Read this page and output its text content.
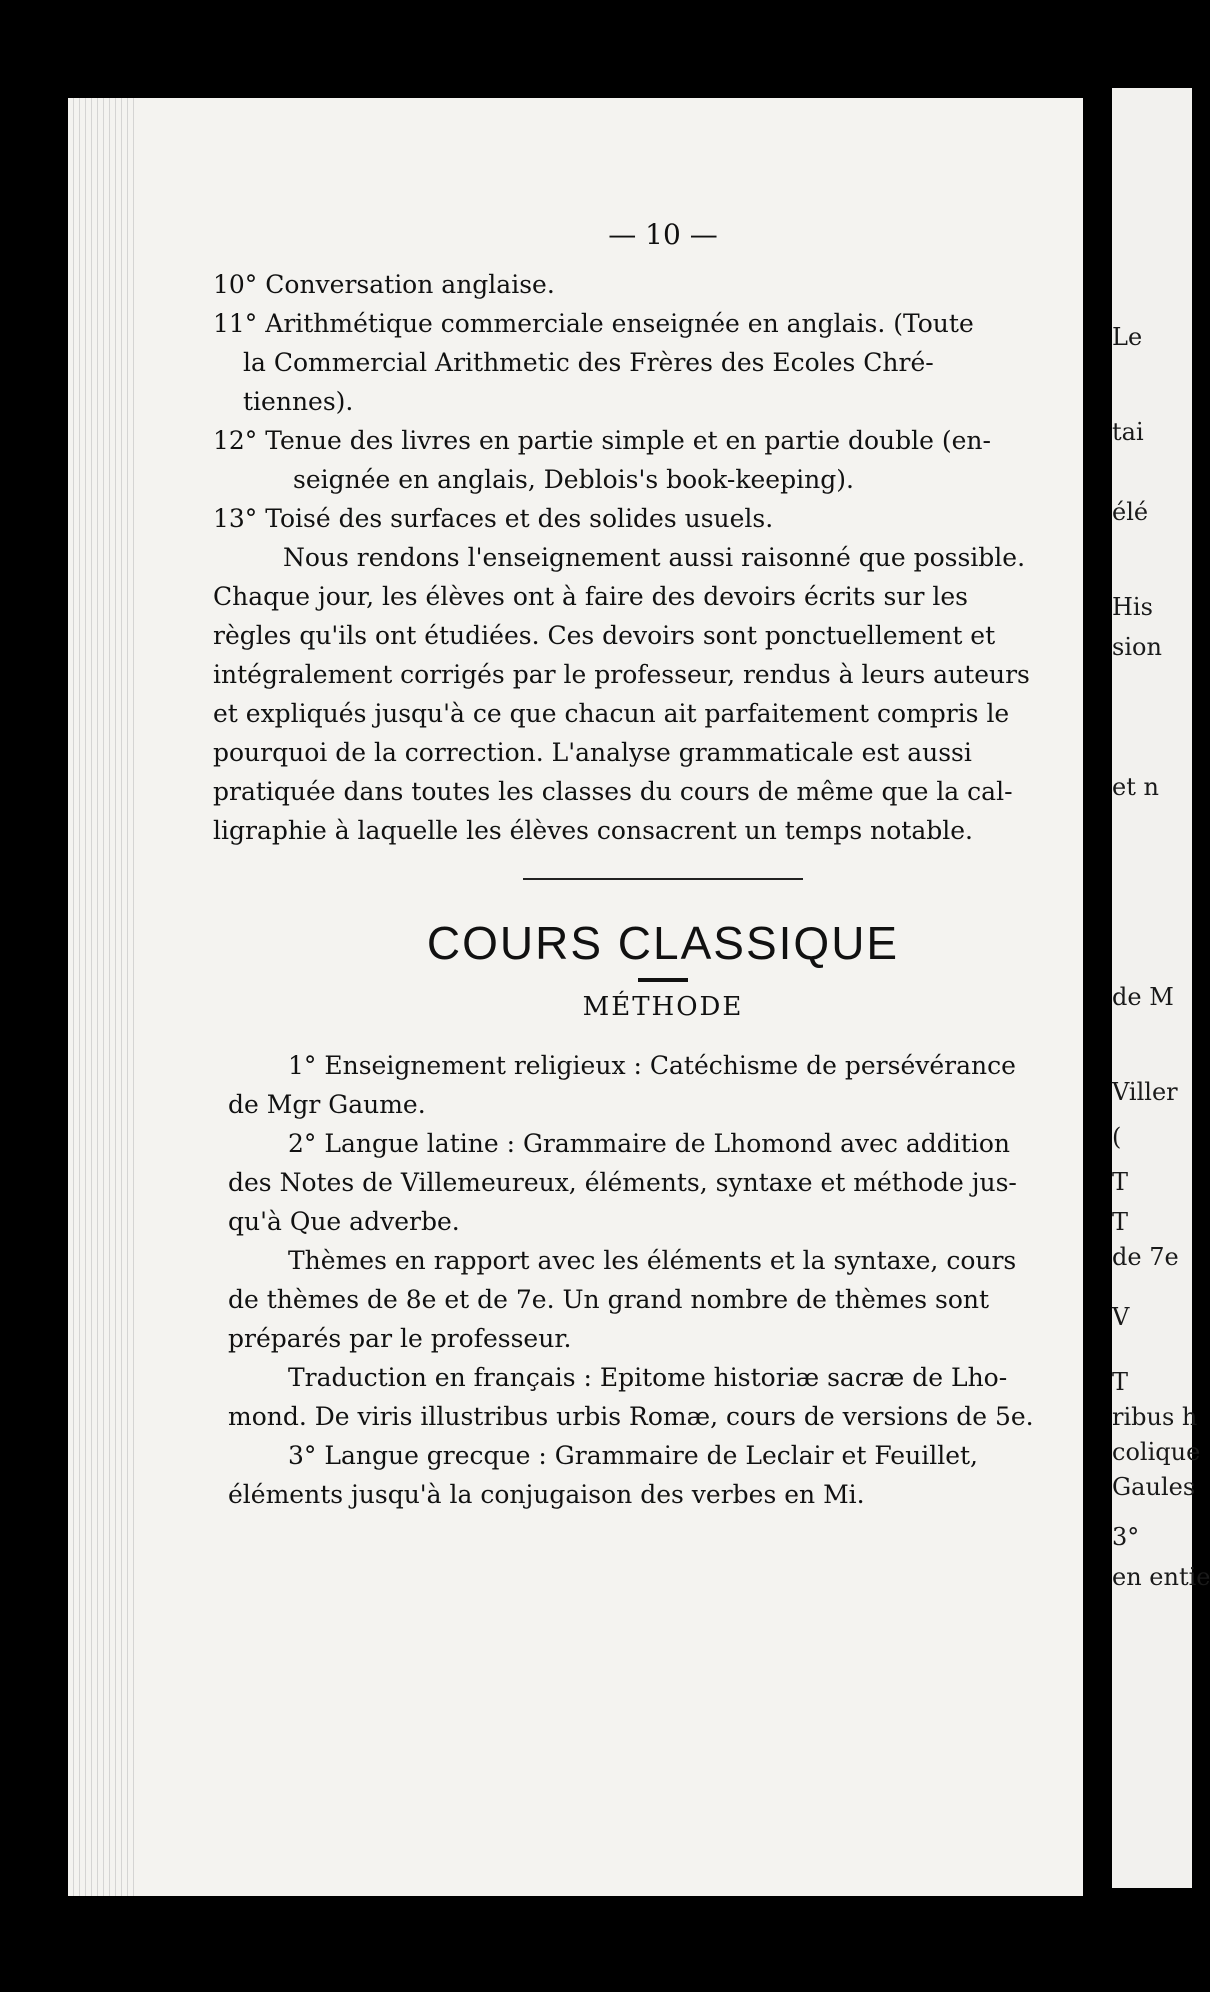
— 10 —
10° Conversation anglaise.
11° Arithmétique commerciale enseignée en anglais. (Toute
la Commercial Arithmetic des Frères des Ecoles Chré-
tiennes).
12° Tenue des livres en partie simple et en partie double (en-
seignée en anglais, Deblois's book-keeping).
13° Toisé des surfaces et des solides usuels.
Nous rendons l'enseignement aussi raisonné que possible.
Chaque jour, les élèves ont à faire des devoirs écrits sur les
règles qu'ils ont étudiées. Ces devoirs sont ponctuellement et
intégralement corrigés par le professeur, rendus à leurs auteurs
et expliqués jusqu'à ce que chacun ait parfaitement compris le
pourquoi de la correction. L'analyse grammaticale est aussi
pratiquée dans toutes les classes du cours de même que la cal-
ligraphie à laquelle les élèves consacrent un temps notable.
COURS CLASSIQUE
MÉTHODE
1° Enseignement religieux : Catéchisme de persévérance
de Mgr Gaume.
2° Langue latine : Grammaire de Lhomond avec addition
des Notes de Villemeureux, éléments, syntaxe et méthode jus-
qu'à Que adverbe.
Thèmes en rapport avec les éléments et la syntaxe, cours
de thèmes de 8e et de 7e. Un grand nombre de thèmes sont
préparés par le professeur.
Traduction en français : Epitome historiæ sacræ de Lho-
mond. De viris illustribus urbis Romæ, cours de versions de 5e.
3° Langue grecque : Grammaire de Leclair et Feuillet,
éléments jusqu'à la conjugaison des verbes en Mi.
Le
tai
élé
His
sion
et n
de M
Viller
(
T
T
de 7e
V
T
ribus h
colique
Gaules
3°
en entie
